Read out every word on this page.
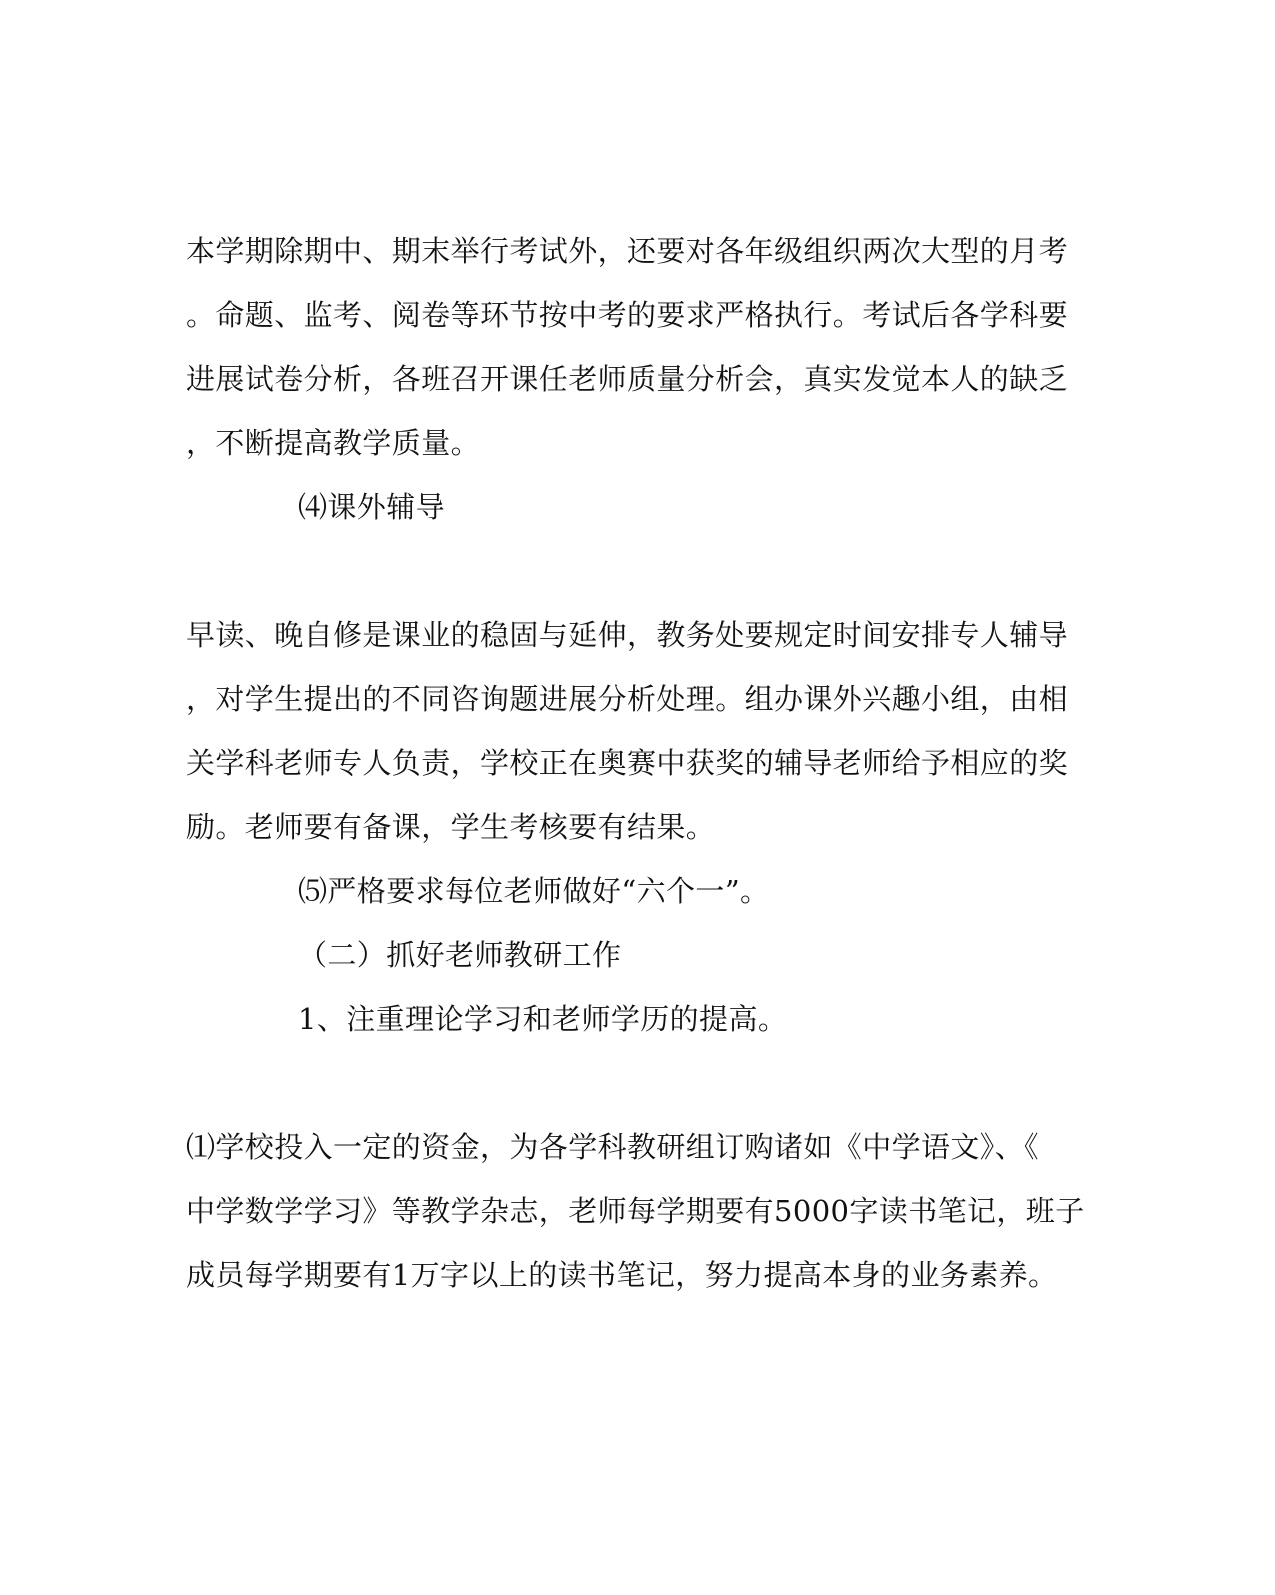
本学期除期中、期末举行考试外，还要对各年级组织两次大型的月考
。命题、监考、阅卷等环节按中考的要求严格执行。考试后各学科要
进展试卷分析，各班召开课任老师质量分析会，真实发觉本人的缺乏
，不断提高教学质量。
⑷课外辅导
早读、晚自修是课业的稳固与延伸，教务处要规定时间安排专人辅导
，对学生提出的不同咨询题进展分析处理。组办课外兴趣小组，由相
关学科老师专人负责，学校正在奥赛中获奖的辅导老师给予相应的奖
励。老师要有备课，学生考核要有结果。
⑸严格要求每位老师做好“六个一”。
（二）抓好老师教研工作
1、注重理论学习和老师学历的提高。
⑴学校投入一定的资金，为各学科教研组订购诸如《中学语文》、《
中学数学学习》等教学杂志，老师每学期要有5000字读书笔记，班子
成员每学期要有1万字以上的读书笔记，努力提高本身的业务素养。
